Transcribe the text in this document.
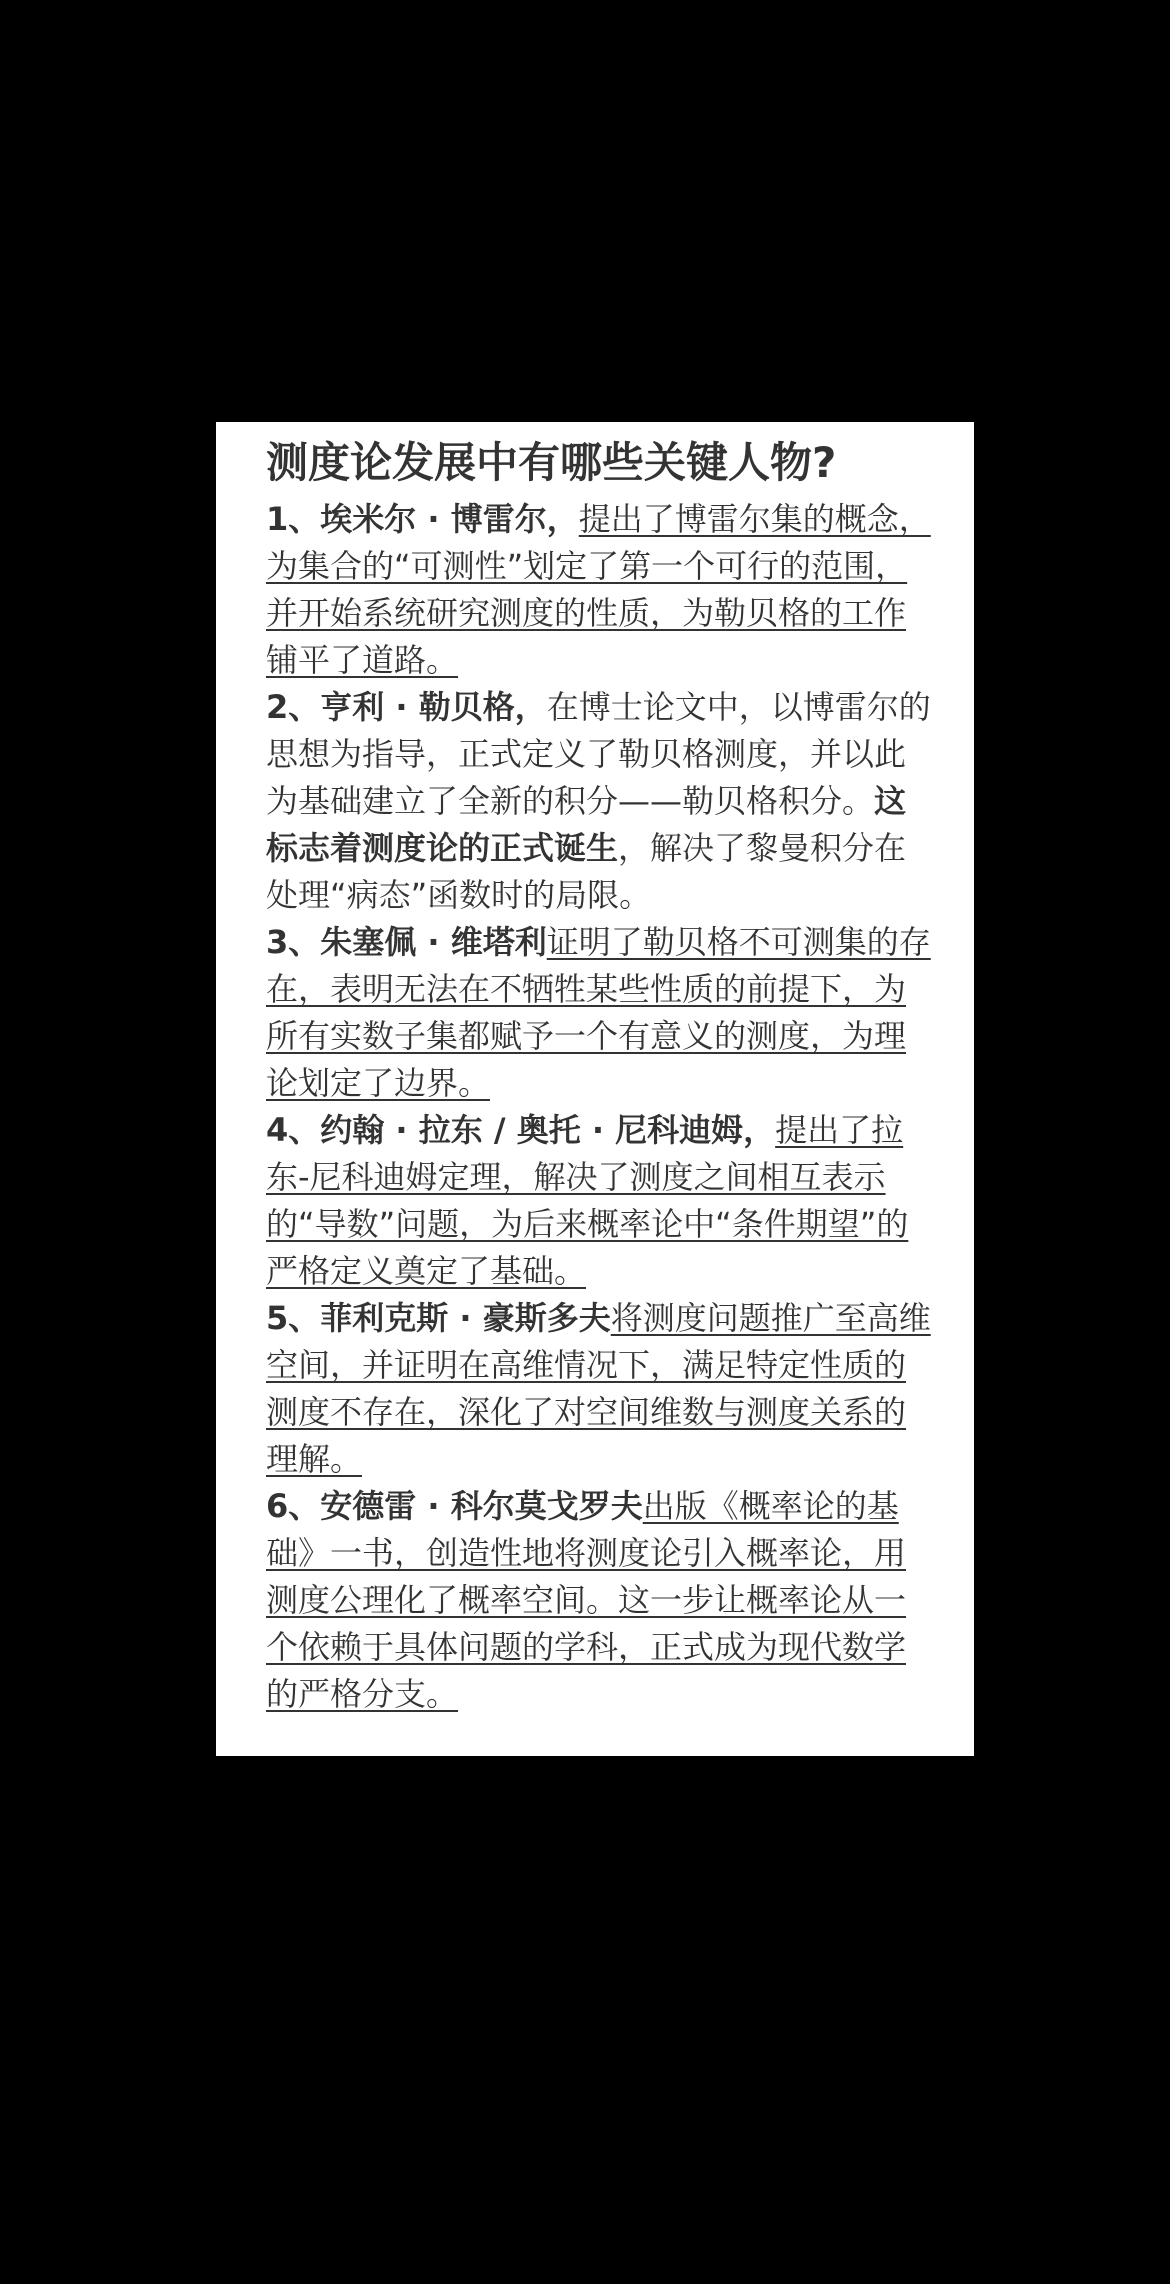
测度论发展中有哪些关键人物?

1、埃米尔 · 博雷尔，提出了博雷尔集的概念，为集合的“可测性”划定了第一个可行的范围，并开始系统研究测度的性质，为勒贝格的工作铺平了道路。

2、亨利 · 勒贝格，在博士论文中，以博雷尔的思想为指导，正式定义了勒贝格测度，并以此为基础建立了全新的积分——勒贝格积分。这标志着测度论的正式诞生，解决了黎曼积分在处理“病态”函数时的局限。

3、朱塞佩 · 维塔利证明了勒贝格不可测集的存在，表明无法在不牺牲某些性质的前提下，为所有实数子集都赋予一个有意义的测度，为理论划定了边界。

4、约翰 · 拉东 / 奥托 · 尼科迪姆，提出了拉东-尼科迪姆定理，解决了测度之间相互表示的“导数”问题，为后来概率论中“条件期望”的严格定义奠定了基础。

5、菲利克斯 · 豪斯多夫将测度问题推广至高维空间，并证明在高维情况下，满足特定性质的测度不存在，深化了对空间维数与测度关系的理解。

6、安德雷 · 科尔莫戈罗夫出版《概率论的基础》一书，创造性地将测度论引入概率论，用测度公理化了概率空间。这一步让概率论从一个依赖于具体问题的学科，正式成为现代数学的严格分支。
